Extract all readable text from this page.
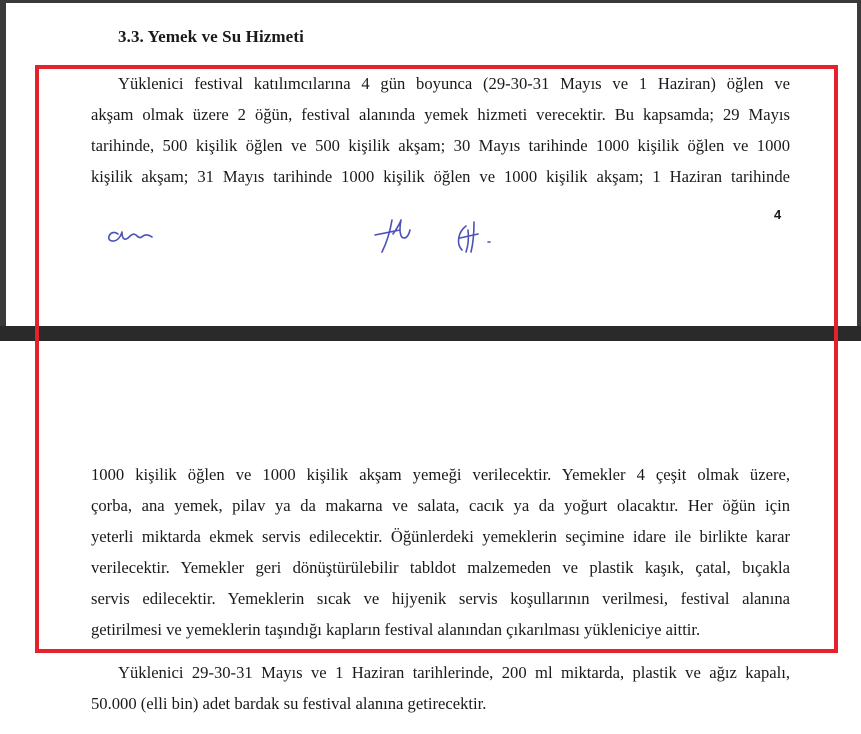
3.3. Yemek ve Su Hizmeti
Yüklenici festival katılımcılarına 4 gün boyunca (29-30-31 Mayıs ve 1 Haziran) öğlen ve
akşam olmak üzere 2 öğün, festival alanında yemek hizmeti verecektir. Bu kapsamda; 29 Mayıs
tarihinde, 500 kişilik öğlen ve 500 kişilik akşam; 30 Mayıs tarihinde 1000 kişilik öğlen ve 1000
kişilik akşam; 31 Mayıs tarihinde 1000 kişilik öğlen ve 1000 kişilik akşam; 1 Haziran tarihinde
4
1000 kişilik öğlen ve 1000 kişilik akşam yemeği verilecektir. Yemekler 4 çeşit olmak üzere,
çorba, ana yemek, pilav ya da makarna ve salata, cacık ya da yoğurt olacaktır. Her öğün için
yeterli miktarda ekmek servis edilecektir. Öğünlerdeki yemeklerin seçimine idare ile birlikte karar
verilecektir. Yemekler geri dönüştürülebilir tabldot malzemeden ve plastik kaşık, çatal, bıçakla
servis edilecektir. Yemeklerin sıcak ve hijyenik servis koşullarının verilmesi, festival alanına
getirilmesi ve yemeklerin taşındığı kapların festival alanından çıkarılması yükleniciye aittir.
Yüklenici 29-30-31 Mayıs ve 1 Haziran tarihlerinde, 200 ml miktarda, plastik ve ağız kapalı,
50.000 (elli bin) adet bardak su festival alanına getirecektir.
